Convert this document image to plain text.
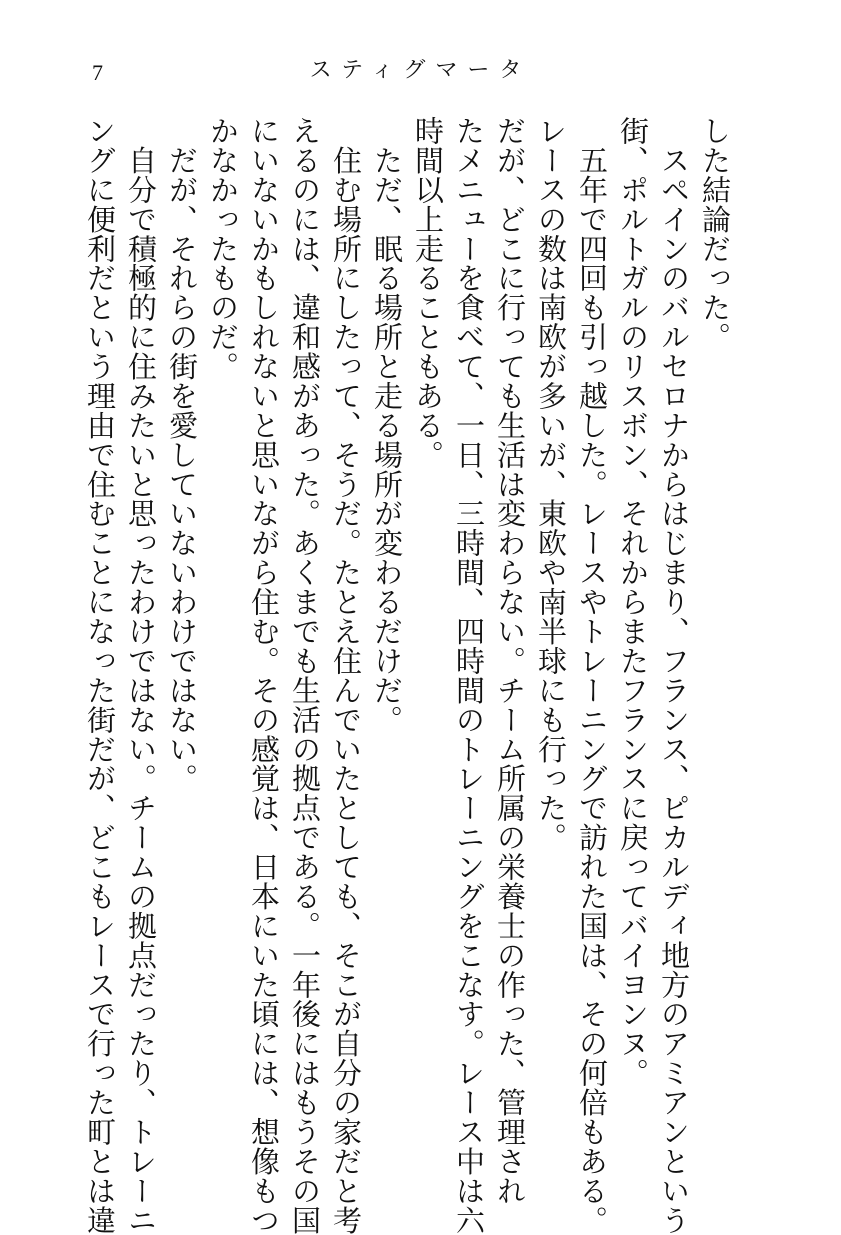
7	スティグマータ

した結論だった。

　スペインのバルセロナからはじまり、フランス、ピカルディ地方のアミアンという

街、ポルトガルのリスボン、それからまたフランスに戻ってバイヨンヌ。

　五年で四回も引っ越した。レースやトレーニングで訪れた国は、その何倍もある。

レースの数は南欧が多いが、東欧や南半球にも行った。

だが、どこに行っても生活は変わらない。チーム所属の栄養士の作った、管理され

たメニューを食べて、一日、三時間、四時間のトレーニングをこなす。レース中は六

時間以上走ることもある。

　ただ、眠る場所と走る場所が変わるだけだ。

　住む場所にしたって、そうだ。たとえ住んでいたとしても、そこが自分の家だと考

えるのには、違和感があった。あくまでも生活の拠点である。一年後にはもうその国

にいないかもしれないと思いながら住む。その感覚は、日本にいた頃には、想像もつ

かなかったものだ。

　だが、それらの街を愛していないわけではない。

　自分で積極的に住みたいと思ったわけではない。チームの拠点だったり、トレーニ

ングに便利だという理由で住むことになった街だが、どこもレースで行った町とは違
